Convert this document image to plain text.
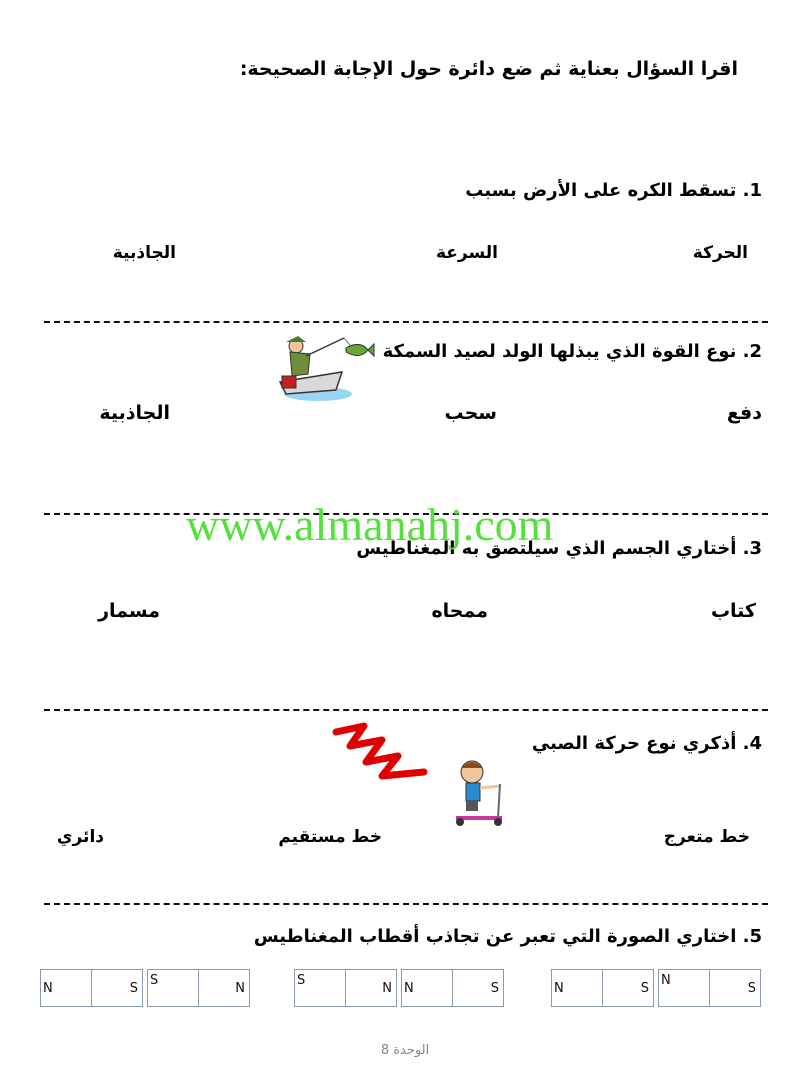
اقرا السؤال بعناية ثم ضع دائرة حول الإجابة الصحيحة:
1. تسقط الكره على الأرض بسبب
الحركة
السرعة
الجاذبية
2. نوع القوة الذي يبذلها الولد لصيد السمكة
دفع
سحب
الجاذبية
3. أختاري الجسم الذي سيلتصق به المغناطيس
كتاب
ممحاه
مسمار
4. أذكري نوع حركة الصبي
خط متعرج
خط مستقيم
دائري
5. اختاري الصورة التي تعبر عن تجاذب أقطاب المغناطيس
N	S
S
N
S
N N	S	N	S
N
S
www.almanahj.com
الوحدة 8
